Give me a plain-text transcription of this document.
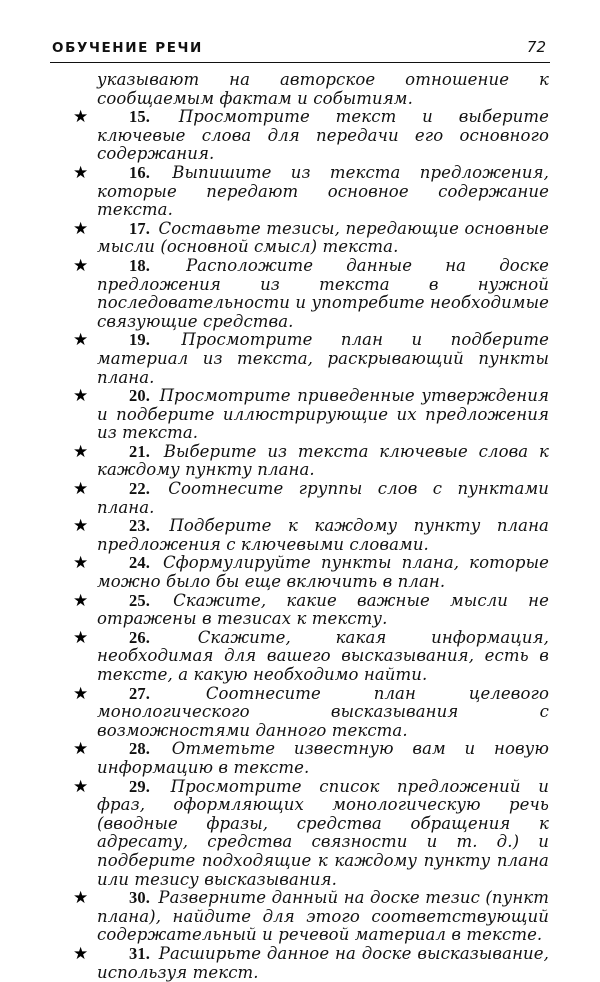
ОБУЧЕНИЕ РЕЧИ	72
указывают на авторское отношение к сообщаемым фактам и событиям.
★ 15. Просмотрите текст и выберите ключевые слова для передачи его основного содержания.
★ 16. Выпишите из текста предложения, которые передают основное содержание текста.
★ 17. Составьте тезисы, передающие основные мысли (основной смысл) текста.
★ 18. Расположите данные на доске предложения из текста в нужной последовательности и употребите необходимые связующие средства.
★ 19. Просмотрите план и подберите материал из текста, раскрывающий пункты плана.
★ 20. Просмотрите приведенные утверждения и подберите иллюстрирующие их предложения из текста.
★ 21. Выберите из текста ключевые слова к каждому пункту плана.
★ 22. Соотнесите группы слов с пунктами плана.
★ 23. Подберите к каждому пункту плана предложения с ключевыми словами.
★ 24. Сформулируйте пункты плана, которые можно было бы еще включить в план.
★ 25. Скажите, какие важные мысли не отражены в тезисах к тексту.
★ 26.	Скажите, какая информация, необходимая для вашего высказывания, есть в тексте, а какую необходимо найти.
★ 27.	Соотнесите план целевого монологического высказывания с возможностями данного текста.
★ 28. Отметьте известную вам и новую информацию в тексте.
★ 29. Просмотрите список предложений и фраз, оформляющих монологическую речь (вводные фразы, средства обращения к адресату, средства связности и т. д.) и подберите подходящие к каждому пункту плана или тезису высказывания.
★ 30. Разверните данный на доске тезис (пункт плана), найдите для этого соответствующий содержательный и речевой материал в тексте.
★ 31. Расширьте данное на доске высказывание, используя текст.
